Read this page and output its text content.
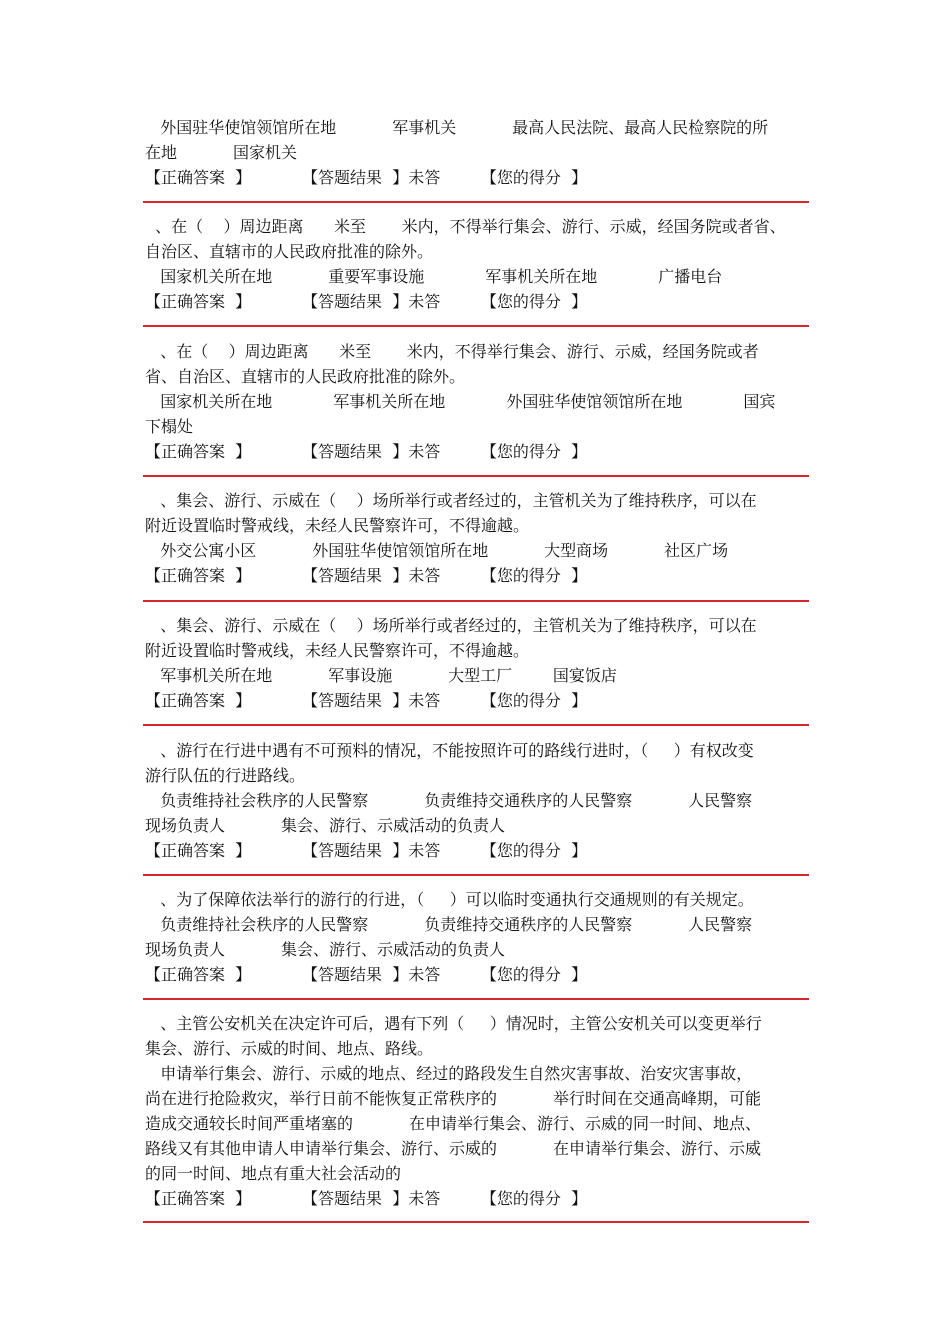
外国驻华使馆领馆所在地           军事机关           最高人民法院、最高人民检察院的所
在地           国家机关
【正确答案  】          【答题结果  】未答        【您的得分  】
、在（    ）周边距离      米至       米内，不得举行集会、游行、示威，经国务院或者省、
自治区、直辖市的人民政府批准的除外。
国家机关所在地           重要军事设施            军事机关所在地            广播电台
【正确答案  】          【答题结果  】未答        【您的得分  】
、在（    ）周边距离      米至       米内，不得举行集会、游行、示威，经国务院或者
省、自治区、直辖市的人民政府批准的除外。
国家机关所在地            军事机关所在地            外国驻华使馆领馆所在地            国宾
下榻处
【正确答案  】          【答题结果  】未答        【您的得分  】
、集会、游行、示威在（    ）场所举行或者经过的，主管机关为了维持秩序，可以在
附近设置临时警戒线，未经人民警察许可，不得逾越。
外交公寓小区           外国驻华使馆领馆所在地           大型商场           社区广场
【正确答案  】          【答题结果  】未答        【您的得分  】
、集会、游行、示威在（    ）场所举行或者经过的，主管机关为了维持秩序，可以在
附近设置临时警戒线，未经人民警察许可，不得逾越。
军事机关所在地           军事设施           大型工厂        国宴饭店
【正确答案  】          【答题结果  】未答        【您的得分  】
、游行在行进中遇有不可预料的情况，不能按照许可的路线行进时，（     ）有权改变
游行队伍的行进路线。
负责维持社会秩序的人民警察           负责维持交通秩序的人民警察           人民警察
现场负责人           集会、游行、示威活动的负责人
【正确答案  】          【答题结果  】未答        【您的得分  】
、为了保障依法举行的游行的行进，（     ）可以临时变通执行交通规则的有关规定。
负责维持社会秩序的人民警察           负责维持交通秩序的人民警察           人民警察
现场负责人           集会、游行、示威活动的负责人
【正确答案  】          【答题结果  】未答        【您的得分  】
、主管公安机关在决定许可后，遇有下列（     ）情况时，主管公安机关可以变更举行
集会、游行、示威的时间、地点、路线。
申请举行集会、游行、示威的地点、经过的路段发生自然灾害事故、治安灾害事故，
尚在进行抢险救灾，举行日前不能恢复正常秩序的           举行时间在交通高峰期，可能
造成交通较长时间严重堵塞的           在申请举行集会、游行、示威的同一时间、地点、
路线又有其他申请人申请举行集会、游行、示威的           在申请举行集会、游行、示威
的同一时间、地点有重大社会活动的
【正确答案  】          【答题结果  】未答        【您的得分  】
